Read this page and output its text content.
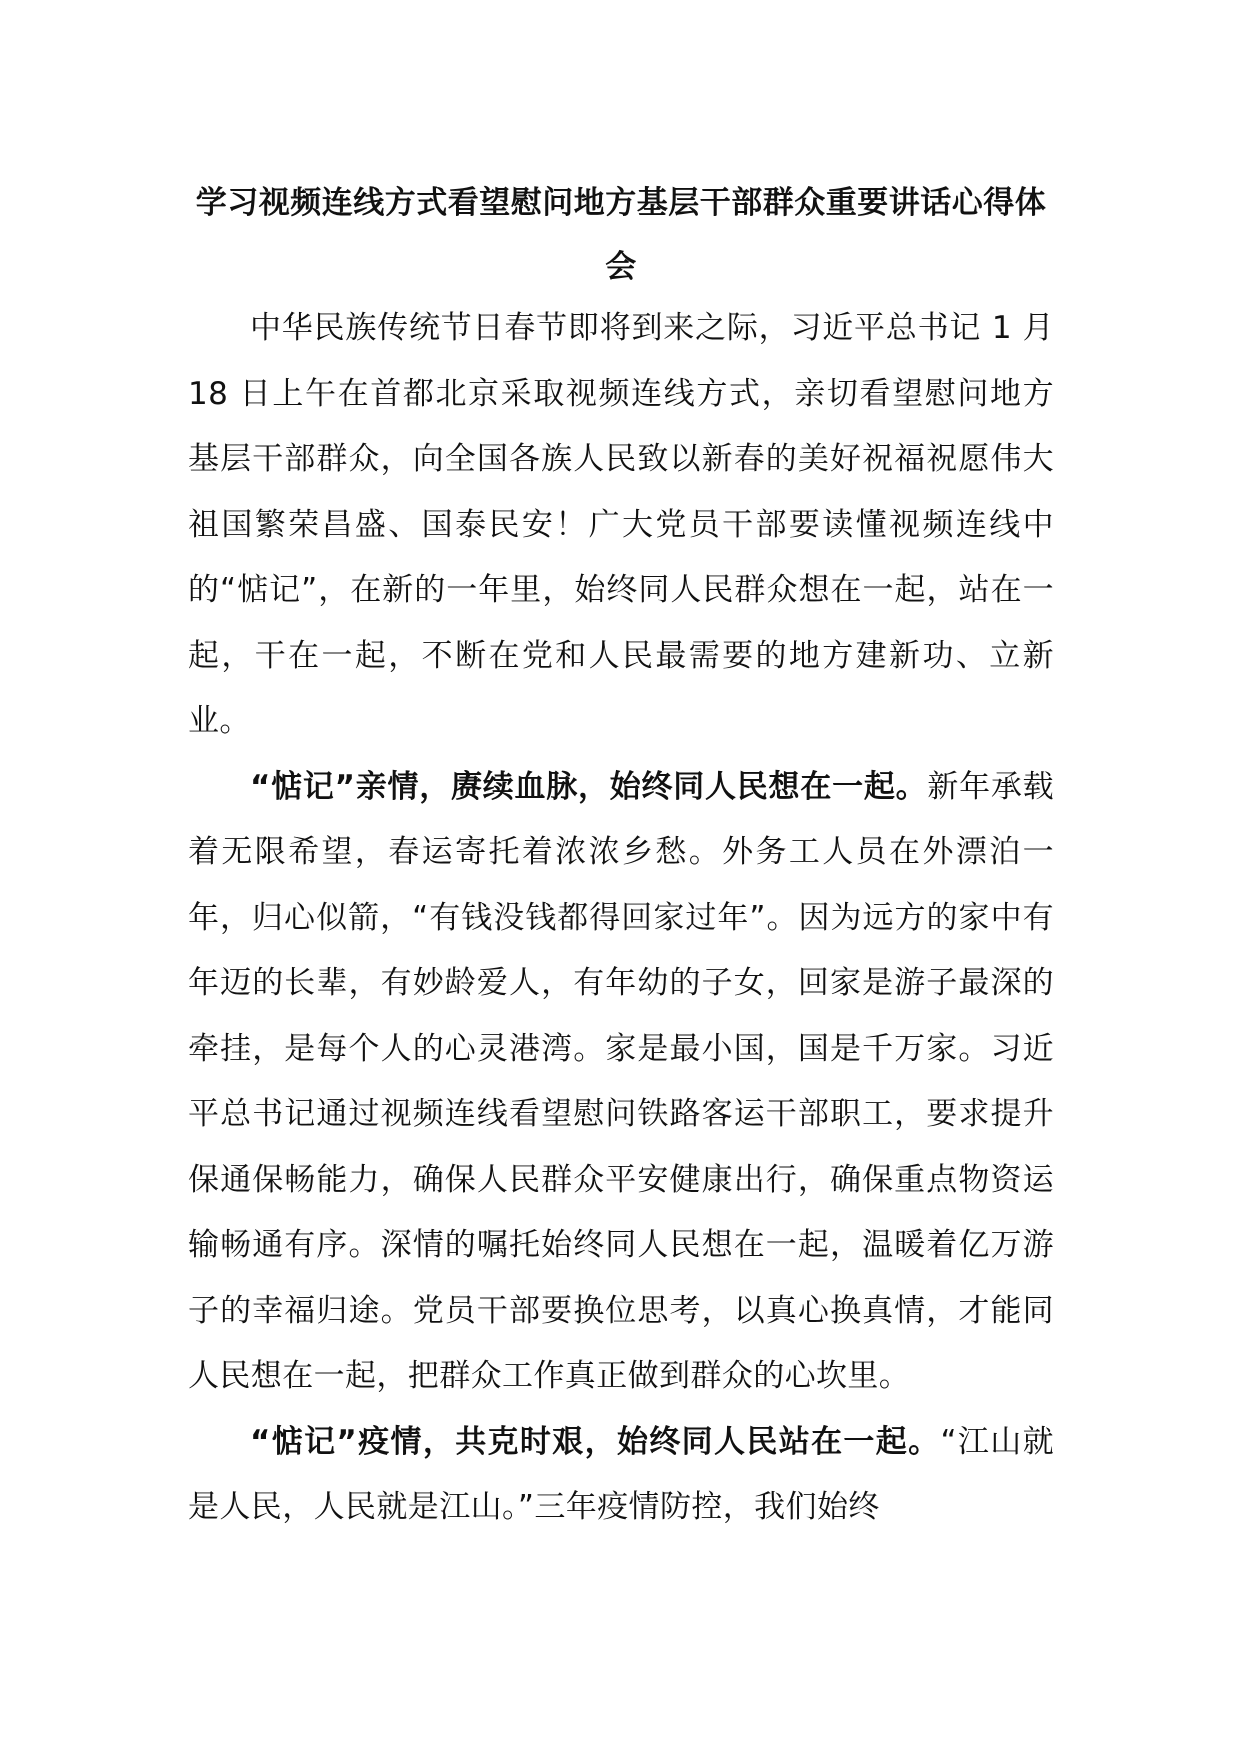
学习视频连线方式看望慰问地方基层干部群众重要讲话心得体会

中华民族传统节日春节即将到来之际，习近平总书记 1 月 18 日上午在首都北京采取视频连线方式，亲切看望慰问地方基层干部群众，向全国各族人民致以新春的美好祝福祝愿伟大祖国繁荣昌盛、国泰民安！广大党员干部要读懂视频连线中的“惦记”，在新的一年里，始终同人民群众想在一起，站在一起，干在一起，不断在党和人民最需要的地方建新功、立新业。

“惦记”亲情，赓续血脉，始终同人民想在一起。新年承载着无限希望，春运寄托着浓浓乡愁。外务工人员在外漂泊一年，归心似箭，“有钱没钱都得回家过年”。因为远方的家中有年迈的长辈，有妙龄爱人，有年幼的子女，回家是游子最深的牵挂，是每个人的心灵港湾。家是最小国，国是千万家。习近平总书记通过视频连线看望慰问铁路客运干部职工，要求提升保通保畅能力，确保人民群众平安健康出行，确保重点物资运输畅通有序。深情的嘱托始终同人民想在一起，温暖着亿万游子的幸福归途。党员干部要换位思考，以真心换真情，才能同人民想在一起，把群众工作真正做到群众的心坎里。

“惦记”疫情，共克时艰，始终同人民站在一起。“江山就是人民，人民就是江山。”三年疫情防控，我们始终
